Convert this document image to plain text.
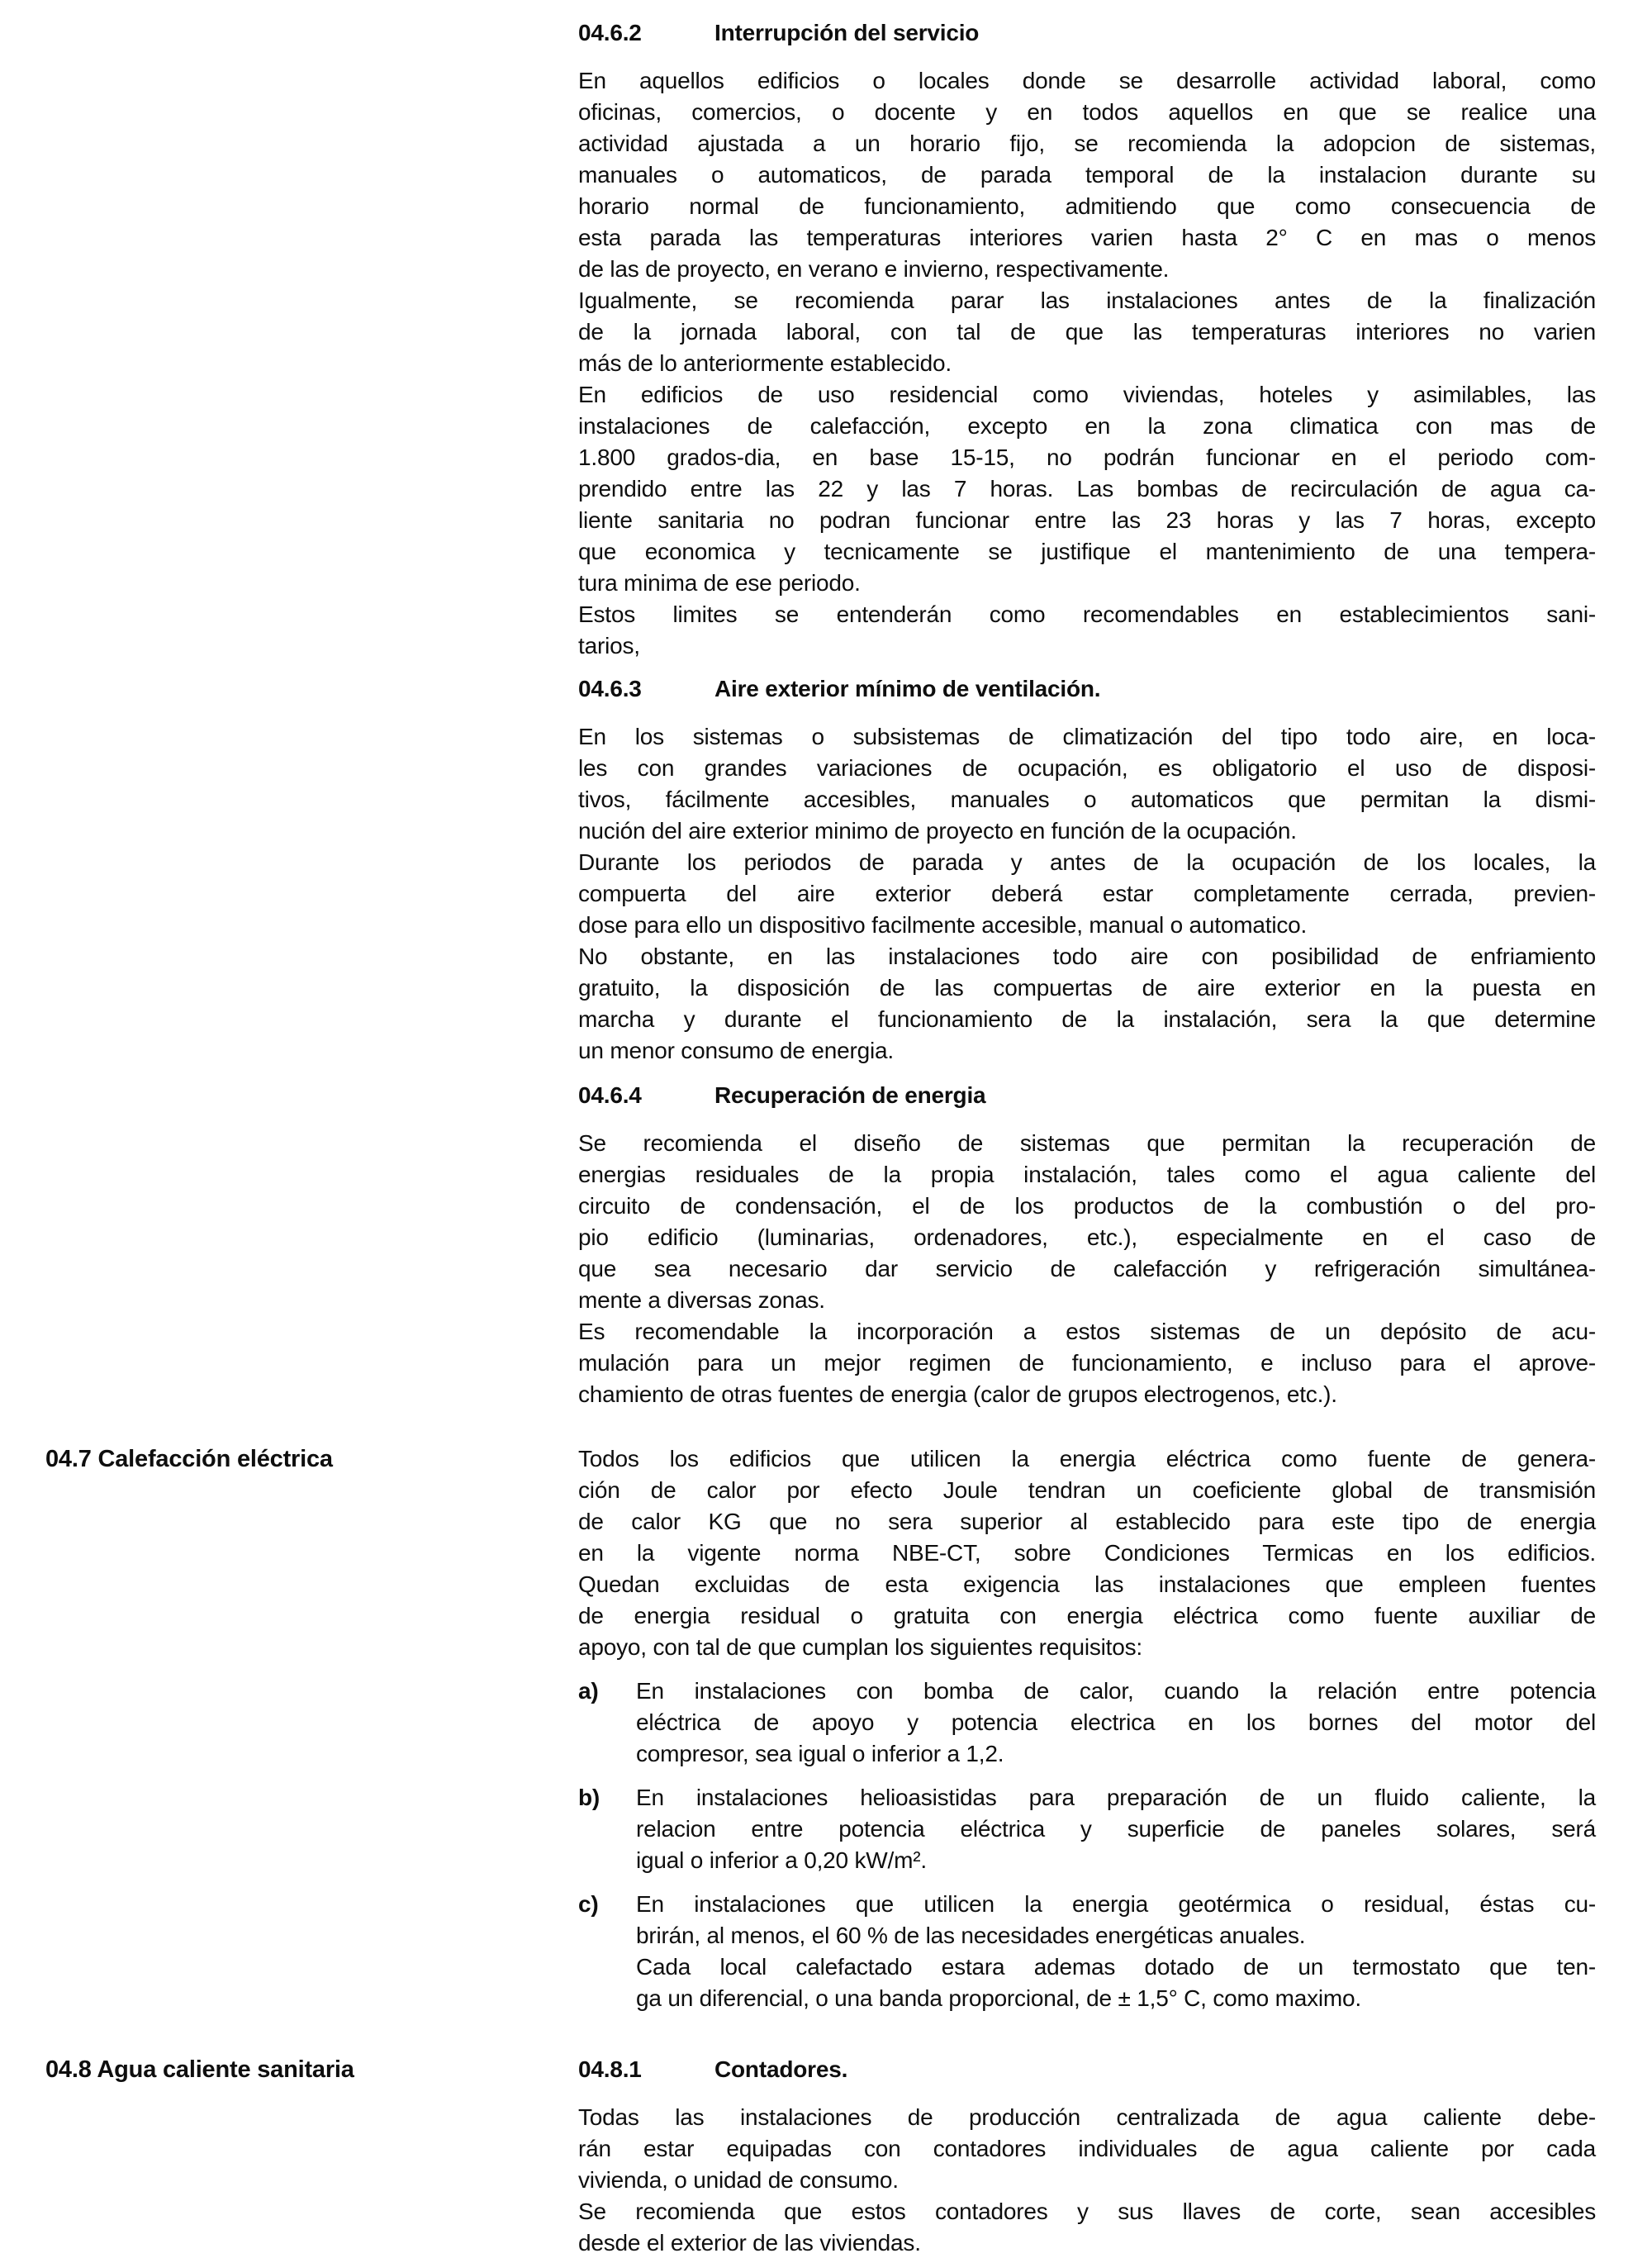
04.6.2	Interrupción del servicio
En aquellos edificios o locales donde se desarrolle actividad laboral, como
oficinas, comercios, o docente y en todos aquellos en que se realice una
actividad ajustada a un horario fijo, se recomienda la adopcion de sistemas,
manuales o automaticos, de parada temporal de la instalacion durante su
horario normal de funcionamiento, admitiendo que como consecuencia de
esta parada las temperaturas interiores varien hasta 2° C en mas o menos
de las de proyecto, en verano e invierno, respectivamente.
Igualmente, se recomienda parar las instalaciones antes de la finalización
de la jornada laboral, con tal de que las temperaturas interiores no varien
más de lo anteriormente establecido.
En edificios de uso residencial como viviendas, hoteles y asimilables, las
instalaciones de calefacción, excepto en la zona climatica con mas de
1.800 grados-dia, en base 15-15, no podrán funcionar en el periodo com-
prendido entre las 22 y las 7 horas. Las bombas de recirculación de agua ca-
liente sanitaria no podran funcionar entre las 23 horas y las 7 horas, excepto
que economica y tecnicamente se justifique el mantenimiento de una tempera-
tura minima de ese periodo.
Estos limites se entenderán como recomendables en establecimientos sani-
tarios,
04.6.3	Aire exterior mínimo de ventilación.
En los sistemas o subsistemas de climatización del tipo todo aire, en loca-
les con grandes variaciones de ocupación, es obligatorio el uso de disposi-
tivos, fácilmente accesibles, manuales o automaticos que permitan la dismi-
nución del aire exterior minimo de proyecto en función de la ocupación.
Durante los periodos de parada y antes de la ocupación de los locales, la
compuerta del aire exterior deberá estar completamente cerrada, previen-
dose para ello un dispositivo facilmente accesible, manual o automatico.
No obstante, en las instalaciones todo aire con posibilidad de enfriamiento
gratuito, la disposición de las compuertas de aire exterior en la puesta en
marcha y durante el funcionamiento de la instalación, sera la que determine
un menor consumo de energia.
04.6.4	Recuperación de energia
Se recomienda el diseño de sistemas que permitan la recuperación de
energias residuales de la propia instalación, tales como el agua caliente del
circuito de condensación, el de los productos de la combustión o del pro-
pio edificio (luminarias, ordenadores, etc.), especialmente en el caso de
que sea necesario dar servicio de calefacción y refrigeración simultánea-
mente a diversas zonas.
Es recomendable la incorporación a estos sistemas de un depósito de acu-
mulación para un mejor regimen de funcionamiento, e incluso para el aprove-
chamiento de otras fuentes de energia (calor de grupos electrogenos, etc.).
04.7 Calefacción eléctrica	Todos los edificios que utilicen la energia eléctrica como fuente de genera-
ción de calor por efecto Joule tendran un coeficiente global de transmisión
de calor KG que no sera superior al establecido para este tipo de energia
en la vigente norma NBE-CT, sobre Condiciones Termicas en los edificios.
Quedan excluidas de esta exigencia las instalaciones que empleen fuentes
de energia residual o gratuita con energia eléctrica como fuente auxiliar de
apoyo, con tal de que cumplan los siguientes requisitos:
a)	En instalaciones con bomba de calor, cuando la relación entre potencia
eléctrica de apoyo y potencia electrica en los bornes del motor del
compresor, sea igual o inferior a 1,2.
b)	En instalaciones helioasistidas para preparación de un fluido caliente, la
relacion entre potencia eléctrica y superficie de paneles solares, será
igual o inferior a 0,20 kW/m².
c)	En instalaciones que utilicen la energia geotérmica o residual, éstas cu-
brirán, al menos, el 60 % de las necesidades energéticas anuales.
Cada local calefactado estara ademas dotado de un termostato que ten-
ga un diferencial, o una banda proporcional, de ± 1,5° C, como maximo.
04.8 Agua caliente sanitaria	04.8.1	Contadores.
Todas las instalaciones de producción centralizada de agua caliente debe-
rán estar equipadas con contadores individuales de agua caliente por cada
vivienda, o unidad de consumo.
Se recomienda que estos contadores y sus llaves de corte, sean accesibles
desde el exterior de las viviendas.
